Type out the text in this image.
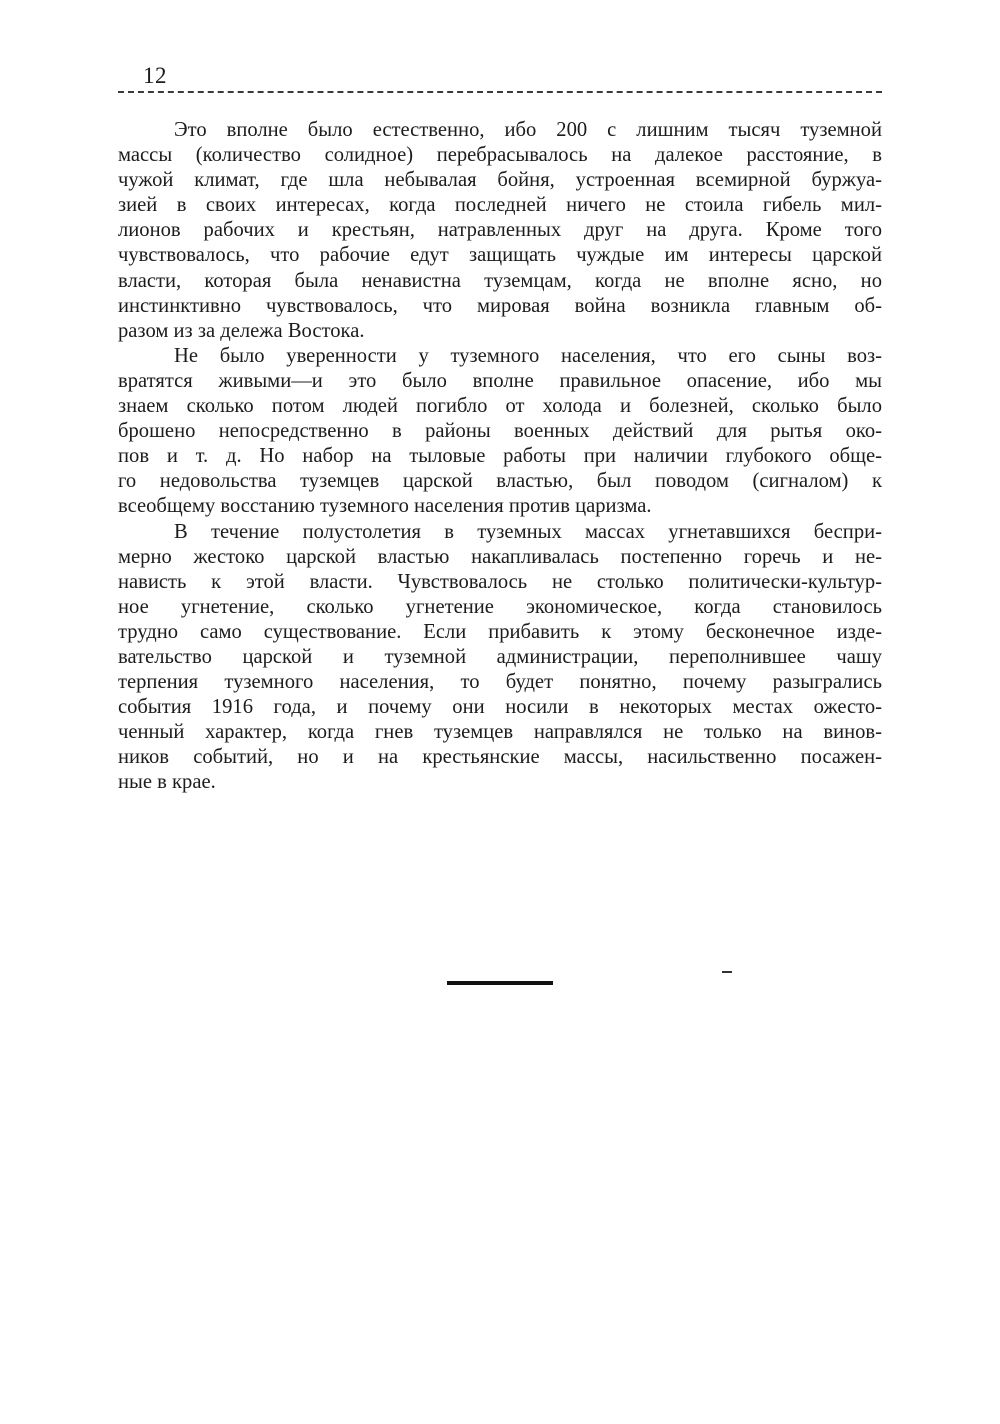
12

Это вполне было естественно, ибо 200 с лишним тысяч туземной
массы (количество солидное) перебрасывалось на далекое расстояние, в
чужой климат, где шла небывалая бойня, устроенная всемирной буржуа-
зией в своих интересах, когда последней ничего не стоила гибель мил-
лионов рабочих и крестьян, натравленных друг на друга. Кроме того
чувствовалось, что рабочие едут защищать чуждые им интересы царской
власти, которая была ненавистна туземцам, когда не вполне ясно, но
инстинктивно чувствовалось, что мировая война возникла главным об-
разом из за дележа Востока.

Не было уверенности у туземного населения, что его сыны воз-
вратятся живыми—и это было вполне правильное опасение, ибо мы
знаем сколько потом людей погибло от холода и болезней, сколько было
брошено непосредственно в районы военных действий для рытья око-
пов и т. д. Но набор на тыловые работы при наличии глубокого обще-
го недовольства туземцев царской властью, был поводом (сигналом) к
всеобщему восстанию туземного населения против царизма.

В течение полустолетия в туземных массах угнетавшихся беспри-
мерно жестоко царской властью накапливалась постепенно горечь и не-
нависть к этой власти. Чувствовалось не столько политически-культур-
ное угнетение, сколько угнетение экономическое, когда становилось
трудно само существование. Если прибавить к этому бесконечное изде-
вательство царской и туземной администрации, переполнившее чашу
терпения туземного населения, то будет понятно, почему разыгрались
события 1916 года, и почему они носили в некоторых местах ожесто-
ченный характер, когда гнев туземцев направлялся не только на винов-
ников событий, но и на крестьянские массы, насильственно посажен-
ные в крае.
